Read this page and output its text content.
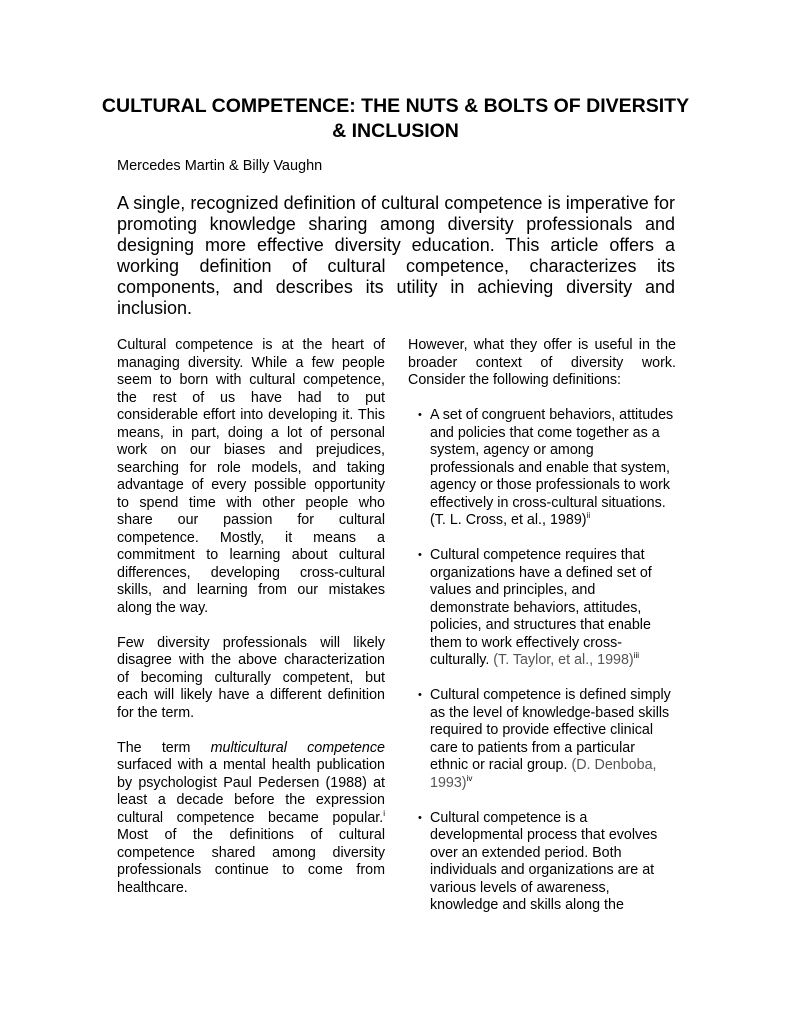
CULTURAL COMPETENCE: THE NUTS & BOLTS OF DIVERSITY & INCLUSION

Mercedes Martin & Billy Vaughn

A single, recognized definition of cultural competence is imperative for promoting knowledge sharing among diversity professionals and designing more effective diversity education. This article offers a working definition of cultural competence, characterizes its components, and describes its utility in achieving diversity and inclusion.

Cultural competence is at the heart of managing diversity. While a few people seem to born with cultural competence, the rest of us have had to put considerable effort into developing it. This means, in part, doing a lot of personal work on our biases and prejudices, searching for role models, and taking advantage of every possible opportunity to spend time with other people who share our passion for cultural competence. Mostly, it means a commitment to learning about cultural differences, developing cross-cultural skills, and learning from our mistakes along the way.

Few diversity professionals will likely disagree with the above characterization of becoming culturally competent, but each will likely have a different definition for the term.

The term multicultural competence surfaced with a mental health publication by psychologist Paul Pedersen (1988) at least a decade before the expression cultural competence became popular.$^i$ Most of the definitions of cultural competence shared among diversity professionals continue to come from healthcare.

However, what they offer is useful in the broader context of diversity work. Consider the following definitions:

• A set of congruent behaviors, attitudes and policies that come together as a system, agency or among professionals and enable that system, agency or those professionals to work effectively in cross-cultural situations. (T. L. Cross, et al., 1989)$^{ii}$
• Cultural competence requires that organizations have a defined set of values and principles, and demonstrate behaviors, attitudes, policies, and structures that enable them to work effectively cross-culturally. (T. Taylor, et al., 1998)$^{iii}$
• Cultural competence is defined simply as the level of knowledge-based skills required to provide effective clinical care to patients from a particular ethnic or racial group. (D. Denboba, 1993)$^{iv}$
• Cultural competence is a developmental process that evolves over an extended period. Both individuals and organizations are at various levels of awareness, knowledge and skills along the
